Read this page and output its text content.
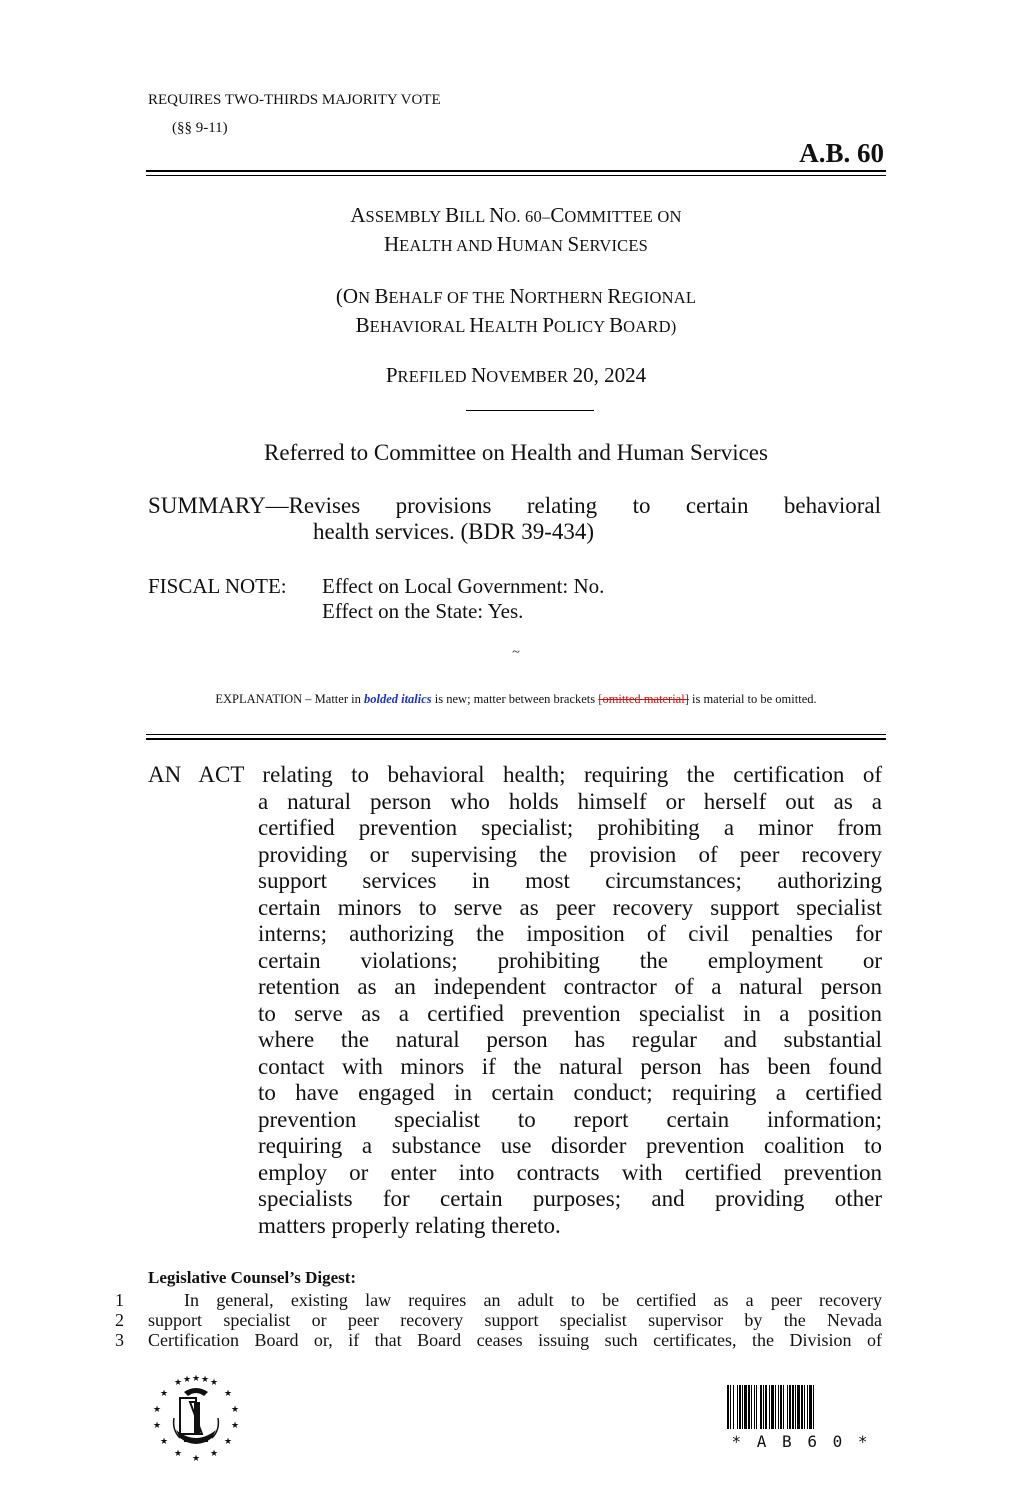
REQUIRES TWO-THIRDS MAJORITY VOTE
(§§ 9-11)
A.B. 60
ASSEMBLY BILL NO. 60–COMMITTEE ON
HEALTH AND HUMAN SERVICES
(ON BEHALF OF THE NORTHERN REGIONAL
BEHAVIORAL HEALTH POLICY BOARD)
PREFILED NOVEMBER 20, 2024
Referred to Committee on Health and Human Services
SUMMARY—Revises provisions relating to certain behavioral
health services. (BDR 39-434)
FISCAL NOTE: Effect on Local Government: No.
Effect on the State: Yes.
~
EXPLANATION – Matter in bolded italics is new; matter between brackets [omitted material] is material to be omitted.
AN ACT relating to behavioral health; requiring the certification of
a natural person who holds himself or herself out as a
certified prevention specialist; prohibiting a minor from
providing or supervising the provision of peer recovery
support services in most circumstances; authorizing
certain minors to serve as peer recovery support specialist
interns; authorizing the imposition of civil penalties for
certain violations; prohibiting the employment or
retention as an independent contractor of a natural person
to serve as a certified prevention specialist in a position
where the natural person has regular and substantial
contact with minors if the natural person has been found
to have engaged in certain conduct; requiring a certified
prevention specialist to report certain information;
requiring a substance use disorder prevention coalition to
employ or enter into contracts with certified prevention
specialists for certain purposes; and providing other
matters properly relating thereto.
Legislative Counsel’s Digest:
1	In general, existing law requires an adult to be certified as a peer recovery
2 support specialist or peer recovery support specialist supervisor by the Nevada
3 Certification Board or, if that Board ceases issuing such certificates, the Division of
★ ★
★
★
★
★
★
★
★
★
★
★
★
★ ★ ★
* A B 6 0 *
